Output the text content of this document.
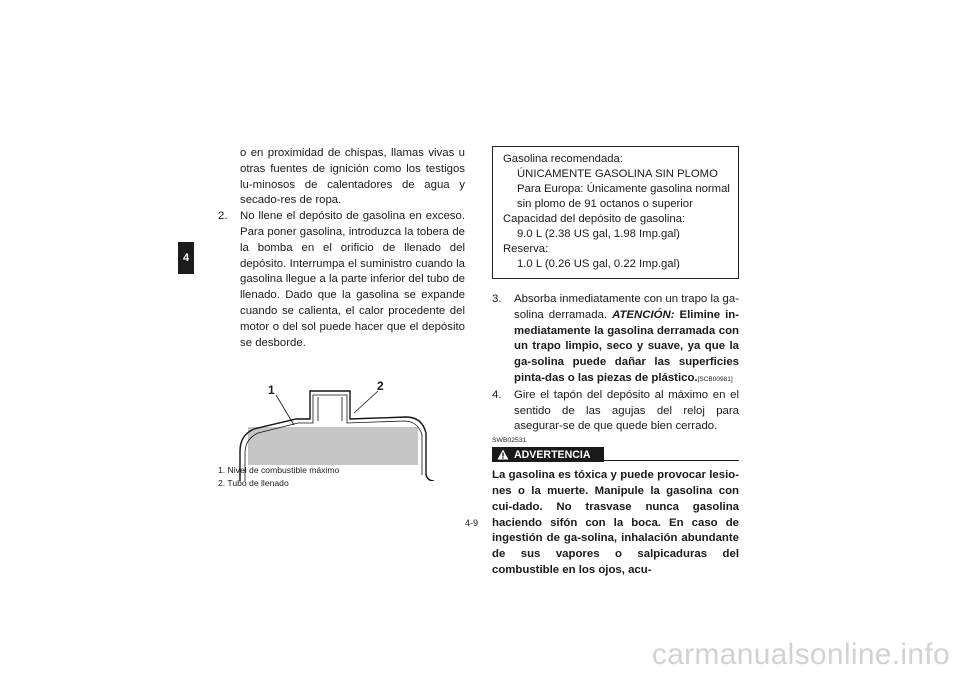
4

o en proximidad de chispas, llamas vivas u otras fuentes de ignición como los testigos lu-minosos de calentadores de agua y secado-res de ropa.

2. No llene el depósito de gasolina en exceso. Para poner gasolina, introduzca la tobera de la bomba en el orificio de llenado del depósito. Interrumpa el suministro cuando la gasolina llegue a la parte inferior del tubo de llenado. Dado que la gasolina se expande cuando se calienta, el calor procedente del motor o del sol puede hacer que el depósito se desborde.
1	2
1. Nivel de combustible máximo
2. Tubo de llenado
Gasolina recomendada:
ÚNICAMENTE GASOLINA SIN PLOMO
Para Europa: Únicamente gasolina normal sin plomo de 91 octanos o superior
Capacidad del depósito de gasolina:
9.0 L (2.38 US gal, 1.98 Imp.gal)
Reserva:
1.0 L (0.26 US gal, 0.22 Imp.gal)
3. Absorba inmediatamente con un trapo la ga-solina derramada. ATENCIÓN: Elimine in-mediatamente la gasolina derramada con un trapo limpio, seco y suave, ya que la ga-solina puede dañar las superficies pinta-das o las piezas de plástico.[SCB00981]
4. Gire el tapón del depósito al máximo en el sentido de las agujas del reloj para asegurar-se de que quede bien cerrado.
SWB02531
ADVERTENCIA

La gasolina es tóxica y puede provocar lesio-nes o la muerte. Manipule la gasolina con cui-dado. No trasvase nunca gasolina haciendo sifón con la boca. En caso de ingestión de ga-solina, inhalación abundante de sus vapores o salpicaduras del combustible en los ojos, acu-

4-9
carmanualsonline.info
